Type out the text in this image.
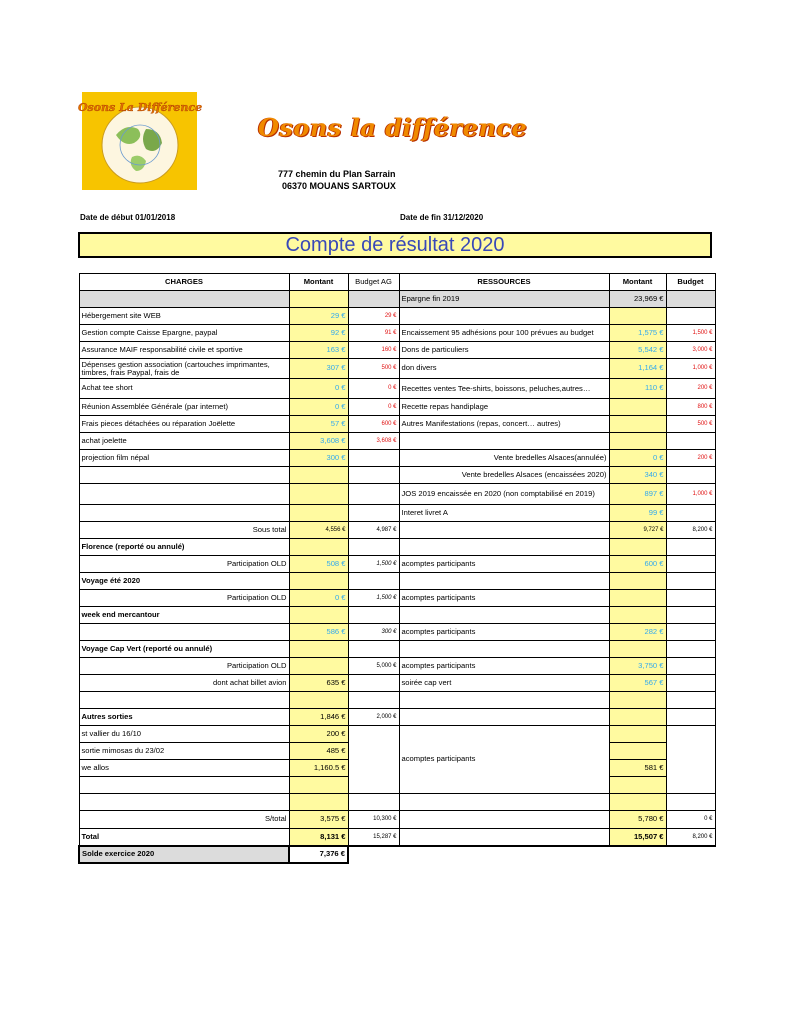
Osons La Différence
Osons la différence
777 chemin du Plan Sarrain
06370 MOUANS SARTOUX
Date de début 01/01/2018	Date de fin 31/12/2020
Compte de résultat 2020
CHARGES	Montant	Budget AG	RESSOURCES	Montant	Budget
			Epargne fin 2019	23,969 €	
Hébergement site WEB	29 €	29 €			
Gestion compte Caisse Epargne, paypal	92 €	91 €	Encaissement 95 adhésions pour 100 prévues au budget	1,575 €	1,500 €
Assurance MAIF responsabilité civile et sportive	163 €	160 €	Dons de particuliers	5,542 €	3,000 €
Dépenses gestion association (cartouches imprimantes, timbres, frais Paypal, frais de	307 €	500 €	don divers	1,164 €	1,000 €
Achat tee short	0 €	0 €	Recettes ventes Tee-shirts, boissons, peluches,autres…	110 €	200 €
Réunion Assemblée Générale (par internet)	0 €	0 €	Recette repas handiplage		800 €
Frais pieces détachées ou réparation Joëlette	57 €	600 €	Autres Manifestations (repas, concert… autres)		500 €
achat joelette	3,608 €	3,608 €			
projection film népal	300 €		Vente bredelles Alsaces(annulée)	0 €	200 €
			Vente bredelles Alsaces (encaissées 2020)	340 €	
			JOS 2019 encaissée en 2020 (non comptabilisé en 2019)	897 €	1,000 €
			Interet livret A	99 €	
Sous total	4,556 €	4,987 €		9,727 €	8,200 €
Florence (reporté ou annulé)					
Participation OLD	508 €	1,500 €	acomptes participants	600 €	
Voyage été 2020					
Participation OLD	0 €	1,500 €	acomptes participants		
week end mercantour					
	586 €	300 €	acomptes participants	282 €	
Voyage Cap Vert (reporté ou annulé)					
Participation OLD		5,000 €	acomptes participants	3,750 €	
dont achat billet avion	635 €		soirée cap vert	567 €	

Autres sorties	1,846 €	2,000 €			
st vallier du 16/10	200 €		acomptes participants		
sortie mimosas du 23/02	485 €				
we allos	1,160.5 €			581 €	

S/total	3,575 €	10,300 €		5,780 €	0 €
Total	8,131 €	15,287 €		15,507 €	8,200 €
Solde exercice 2020	7,376 €				
